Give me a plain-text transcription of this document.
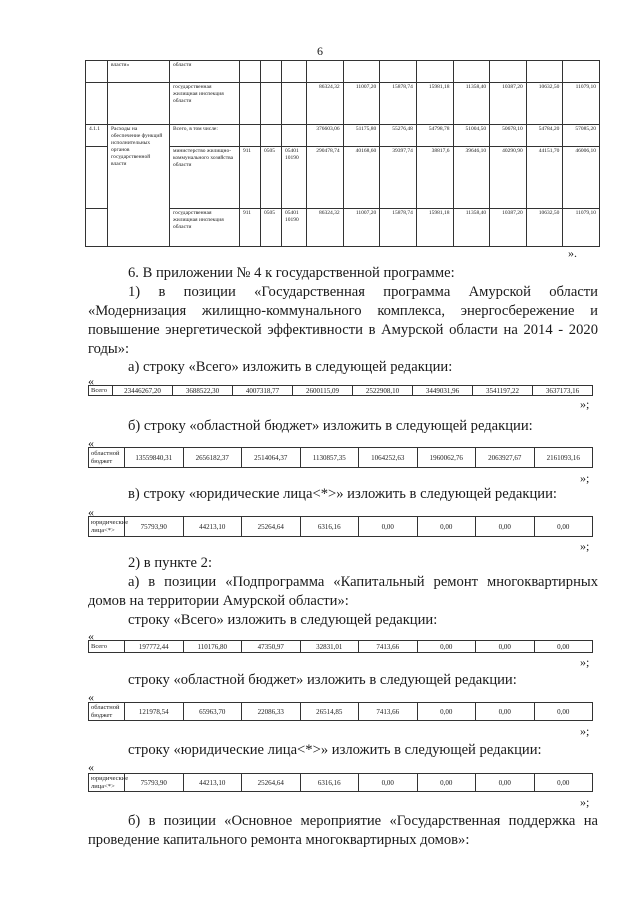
6
	власти»	области											
		государственная жилищная инспекция области				86324,32	11007,20	15878,74	15981,18	11358,40	10387,20	10632,50	11079,10
4.1.1	Расходы на обеспечение функций исполнительных органов государственной власти	Всего, в том числе:				376603,06	51175,80	55276,48	54798,78	51004,50	50678,10	54784,20	57085,20
		министерство жилищно-коммунального хозяйства области	911	0505	05401 10190	290478,74	40168,60	39397,74	38817,6	39646,10	40290,90	44151,70	46006,10
		государственная жилищная инспекция области	911	0505	05401 10190	86324,32	11007,20	15878,74	15981,18	11358,40	10387,20	10632,50	11079,10
».

6. В приложении № 4 к государственной программе:

1) в позиции «Государственная программа Амурской области «Модернизация жилищно-коммунального комплекса, энергосбережение и повышение энергетической эффективности в Амурской области на 2014 - 2020 годы»:

а) строку «Всего» изложить в следующей редакции:

«
Всего	23446267,20	3688522,30	4007318,77	2600115,09	2522908,10	3449031,96	3541197,22	3637173,16
»;

б) строку «областной бюджет» изложить в следующей редакции:

«
областной бюджет	13559840,31	2656182,37	2514064,37	1130857,35	1064252,63	1960062,76	2063927,67	2161093,16
»;

в) строку «юридические лица<*>» изложить в следующей редакции:

«
юридические лица<*>	75793,90	44213,10	25264,64	6316,16	0,00	0,00	0,00	0,00
»;

2) в пункте 2:

а) в позиции «Подпрограмма «Капитальный ремонт многоквартирных домов на территории Амурской области»:

строку «Всего» изложить в следующей редакции:

«
Всего	197772,44	110176,80	47350,97	32831,01	7413,66	0,00	0,00	0,00
»;

строку «областной бюджет» изложить в следующей редакции:

«
областной бюджет	121978,54	65963,70	22086,33	26514,85	7413,66	0,00	0,00	0,00
»;

строку «юридические лица<*>» изложить в следующей редакции:

«
юридические лица<*>	75793,90	44213,10	25264,64	6316,16	0,00	0,00	0,00	0,00
»;

б) в позиции «Основное мероприятие «Государственная поддержка на проведение капитального ремонта многоквартирных домов»:
